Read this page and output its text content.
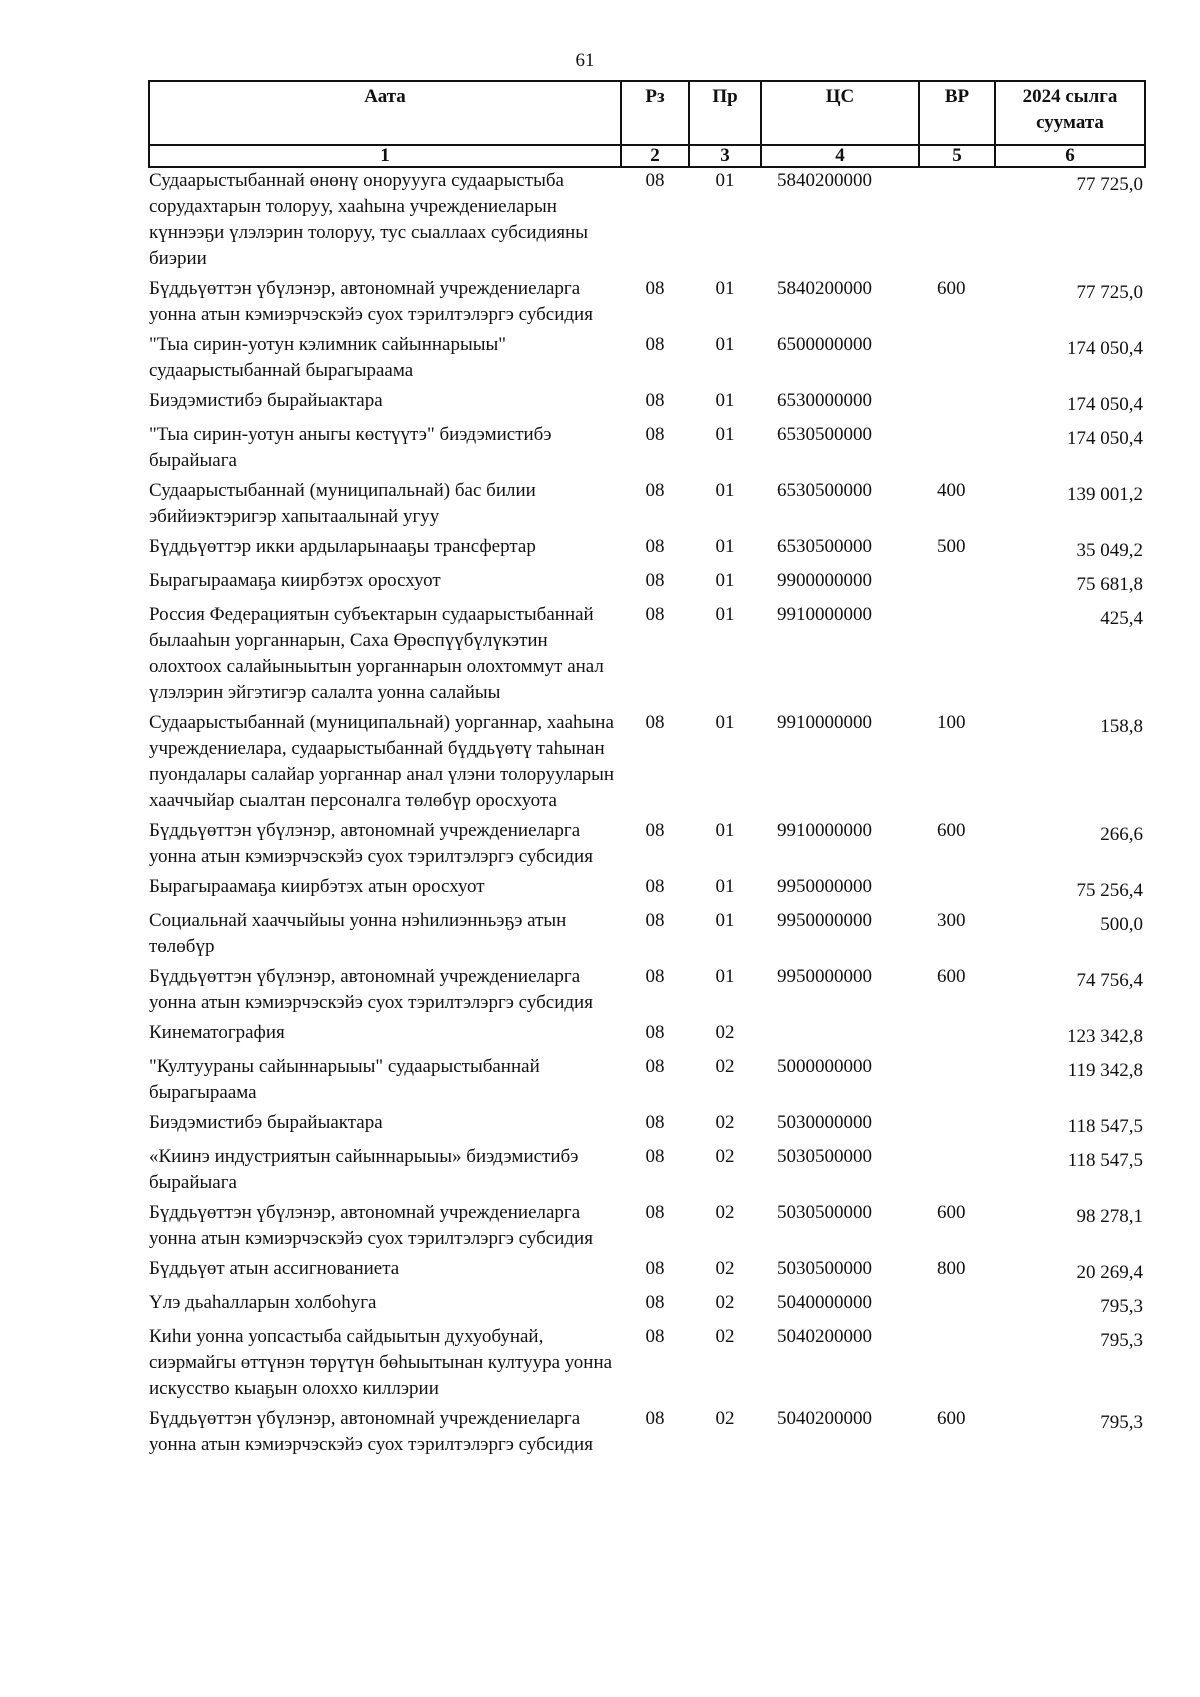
61
Аата	Рз	Пр	ЦС	ВР	2024 сылга суумата
1	2	3	4	5	6
Судаарыстыбаннай өнөнү оноруууга судаарыстыба сорудахтарын толоруу, хааһына учреждениеларын күннээҕи үлэлэрин толоруу, тус сыаллаах субсидияны биэрии	08	01	5840200000		77 725,0
Бүддьүөттэн үбүлэнэр, автономнай учреждениеларга уонна атын кэмиэрчэскэйэ суох тэрилтэлэргэ субсидия	08	01	5840200000	600	77 725,0
"Тыа сирин-уотун кэлимник сайыннарыыы" судаарыстыбаннай бырагыраама	08	01	6500000000		174 050,4
Биэдэмистибэ бырайыактара	08	01	6530000000		174 050,4
"Тыа сирин-уотун аныгы көстүүтэ" биэдэмистибэ бырайыага	08	01	6530500000		174 050,4
Судаарыстыбаннай (муниципальнай) бас билии эбийиэктэригэр хапытаалынай угуу	08	01	6530500000	400	139 001,2
Бүддьүөттэр икки ардыларынааҕы трансфертар	08	01	6530500000	500	35 049,2
Бырагыраамаҕа киирбэтэх оросхуот	08	01	9900000000		75 681,8
Россия Федерациятын субъектарын судаарыстыбаннай былааһын уорганнарын, Саха Өрөспүүбүлүкэтин олохтоох салайыныытын уорганнарын олохтоммут анал үлэлэрин эйгэтигэр салалта уонна салайыы	08	01	9910000000		425,4
Судаарыстыбаннай (муниципальнай) уорганнар, хааһына учреждениелара, судаарыстыбаннай бүддьүөтү таһынан пуондалары салайар уорганнар анал үлэни толорууларын хааччыйар сыалтан персоналга төлөбүр оросхуота	08	01	9910000000	100	158,8
Бүддьүөттэн үбүлэнэр, автономнай учреждениеларга уонна атын кэмиэрчэскэйэ суох тэрилтэлэргэ субсидия	08	01	9910000000	600	266,6
Бырагыраамаҕа киирбэтэх атын оросхуот	08	01	9950000000		75 256,4
Социальнай хааччыйыы уонна нэһилиэнньэҕэ атын төлөбүр	08	01	9950000000	300	500,0
Бүддьүөттэн үбүлэнэр, автономнай учреждениеларга уонна атын кэмиэрчэскэйэ суох тэрилтэлэргэ субсидия	08	01	9950000000	600	74 756,4
Кинематография	08	02			123 342,8
"Култуураны сайыннарыыы" судаарыстыбаннай бырагыраама	08	02	5000000000		119 342,8
Биэдэмистибэ бырайыактара	08	02	5030000000		118 547,5
«Киинэ индустриятын сайыннарыыы» биэдэмистибэ бырайыага	08	02	5030500000		118 547,5
Бүддьүөттэн үбүлэнэр, автономнай учреждениеларга уонна атын кэмиэрчэскэйэ суох тэрилтэлэргэ субсидия	08	02	5030500000	600	98 278,1
Бүддьүөт атын ассигнованиета	08	02	5030500000	800	20 269,4
Үлэ дьаһалларын холбоһуга	08	02	5040000000		795,3
Киһи уонна уопсастыба сайдыытын духуобунай, сиэрмайгы өттүнэн төрүтүн бөһыытынан култуура уонна искусство кыаҕын олоххо киллэрии	08	02	5040200000		795,3
Бүддьүөттэн үбүлэнэр, автономнай учреждениеларга уонна атын кэмиэрчэскэйэ суох тэрилтэлэргэ субсидия	08	02	5040200000	600	795,3
